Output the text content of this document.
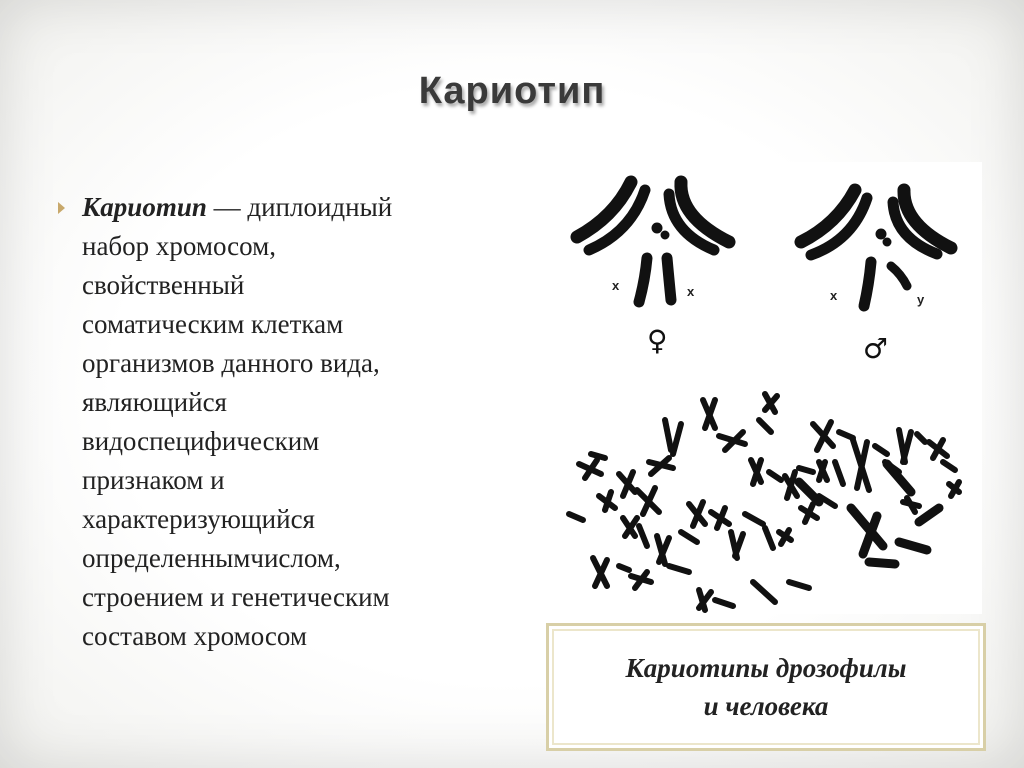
Кариотип
Кариотип — диплоидный
набор хромосом,
свойственный
соматическим клеткам
организмов данного вида,
являющийся
видоспецифическим
признаком и
характеризующийся
определеннымчислом,
строением и генетическим
составом хромосом
x	x
♀
x	y
♂
Кариотипы дрозофилы
и человека
